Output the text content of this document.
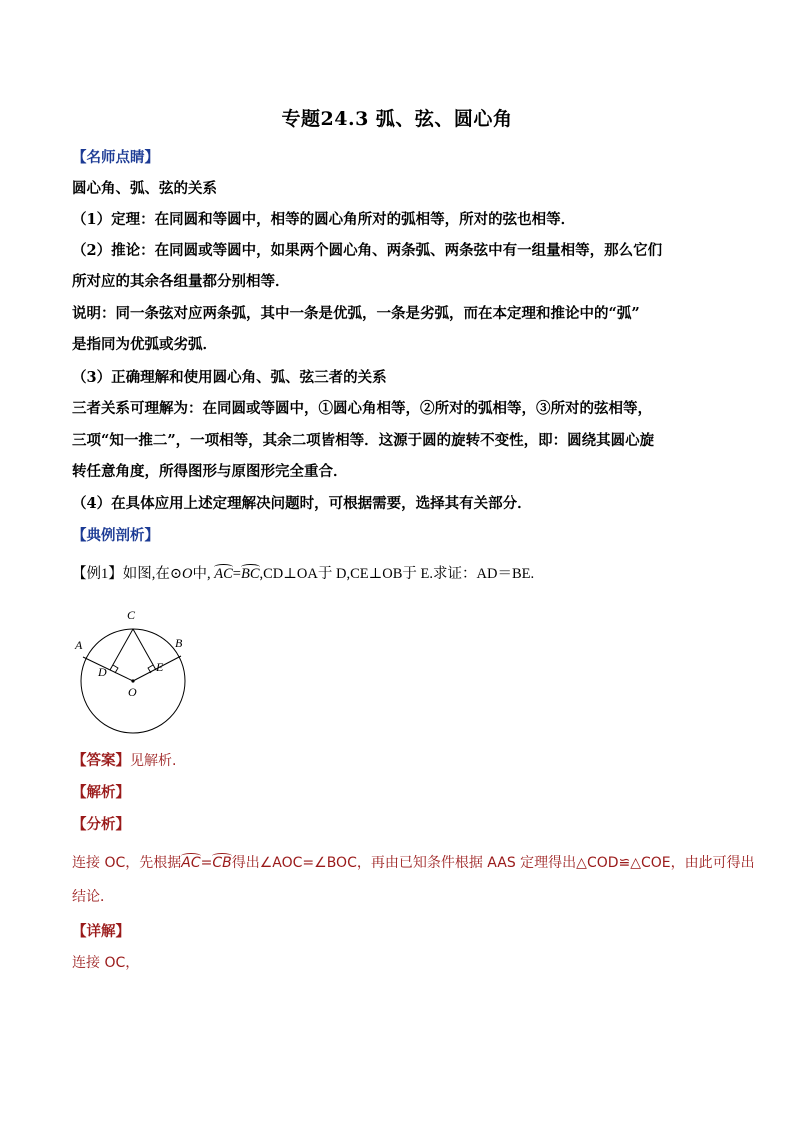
专题24.3 弧、弦、圆心角
【名师点睛】
圆心角、弧、弦的关系
（1）定理：在同圆和等圆中，相等的圆心角所对的弧相等，所对的弦也相等．
（2）推论：在同圆或等圆中，如果两个圆心角、两条弧、两条弦中有一组量相等，那么它们
所对应的其余各组量都分别相等．
说明：同一条弦对应两条弧，其中一条是优弧，一条是劣弧，而在本定理和推论中的“弧”
是指同为优弧或劣弧．
（3）正确理解和使用圆心角、弧、弦三者的关系
三者关系可理解为：在同圆或等圆中，①圆心角相等，②所对的弧相等，③所对的弦相等，
三项“知一推二”，一项相等，其余二项皆相等．这源于圆的旋转不变性，即：圆绕其圆心旋
转任意角度，所得图形与原图形完全重合．
（4）在具体应用上述定理解决问题时，可根据需要，选择其有关部分．
【典例剖析】
【例1】如图,在⊙O中, AC=BC,CD⊥OA于 D,CE⊥OB于 E.求证：AD＝BE.
C
A	B
D	E
O
【答案】见解析.
【解析】
【分析】
连接 OC，先根据AC=CB得出∠AOC=∠BOC，再由已知条件根据 AAS 定理得出△COD≌△COE，由此可得出
结论．
【详解】
连接 OC，
